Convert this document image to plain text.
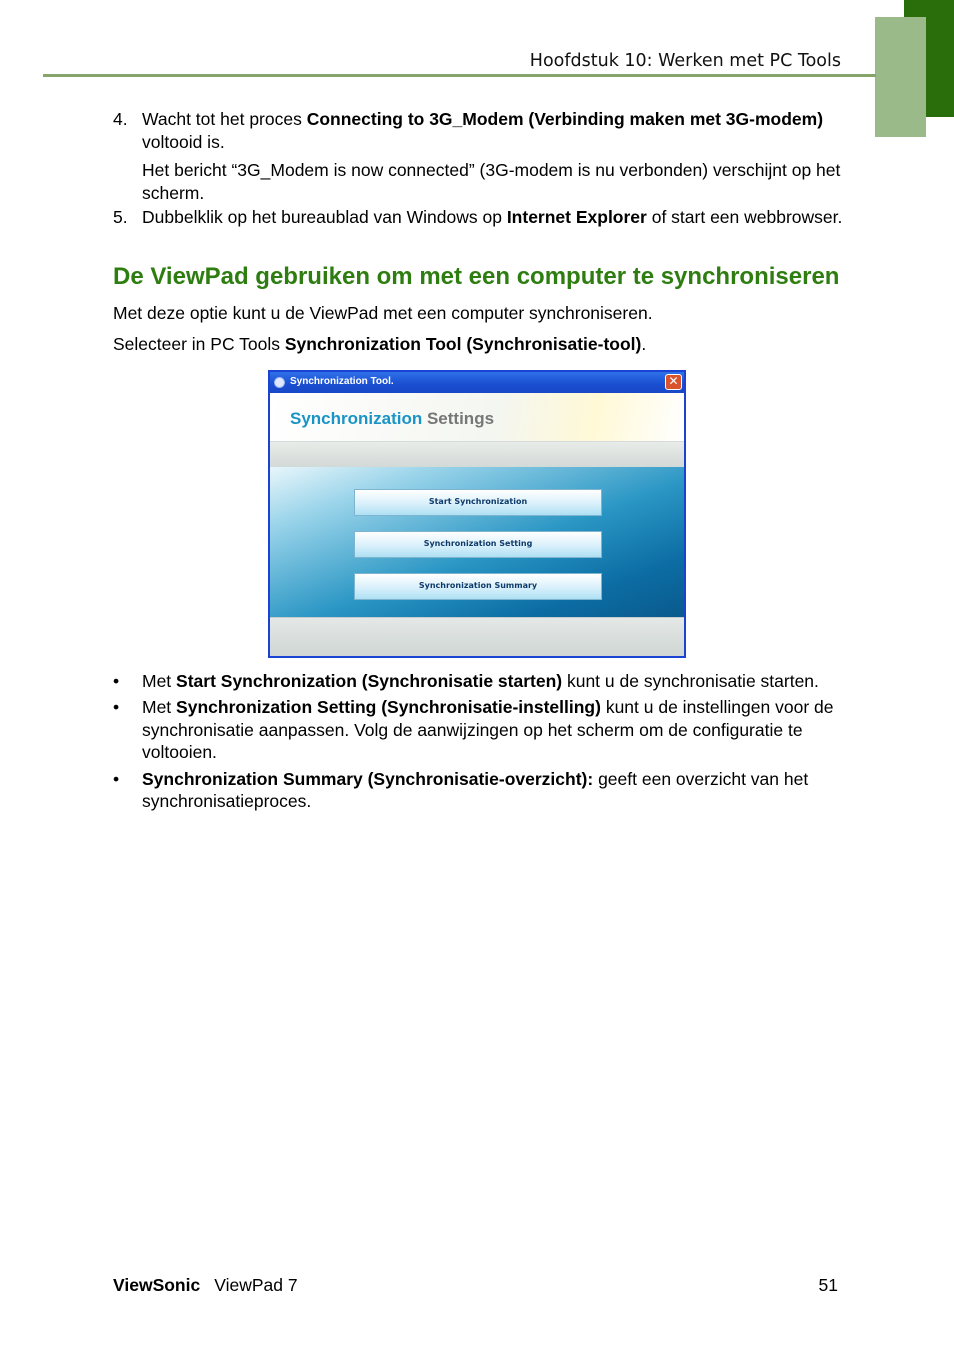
Hoofdstuk 10: Werken met PC Tools
4. Wacht tot het proces Connecting to 3G_Modem (Verbinding maken met 3G-modem) voltooid is.

Het bericht “3G_Modem is now connected” (3G-modem is nu verbonden) verschijnt op het scherm.

5. Dubbelklik op het bureaublad van Windows op Internet Explorer of start een webbrowser.

De ViewPad gebruiken om met een computer te synchroniseren

Met deze optie kunt u de ViewPad met een computer synchroniseren.

Selecteer in PC Tools Synchronization Tool (Synchronisatie-tool).

Synchronization Tool.	✕
Synchronization Settings
Start Synchronization
Synchronization Setting
Synchronization Summary

• Met Start Synchronization (Synchronisatie starten) kunt u de synchronisatie starten.

• Met Synchronization Setting (Synchronisatie-instelling) kunt u de instellingen voor de synchronisatie aanpassen. Volg de aanwijzingen op het scherm om de configuratie te voltooien.

• Synchronization Summary (Synchronisatie-overzicht): geeft een overzicht van het synchronisatieproces.

ViewSonic ViewPad 7	51
